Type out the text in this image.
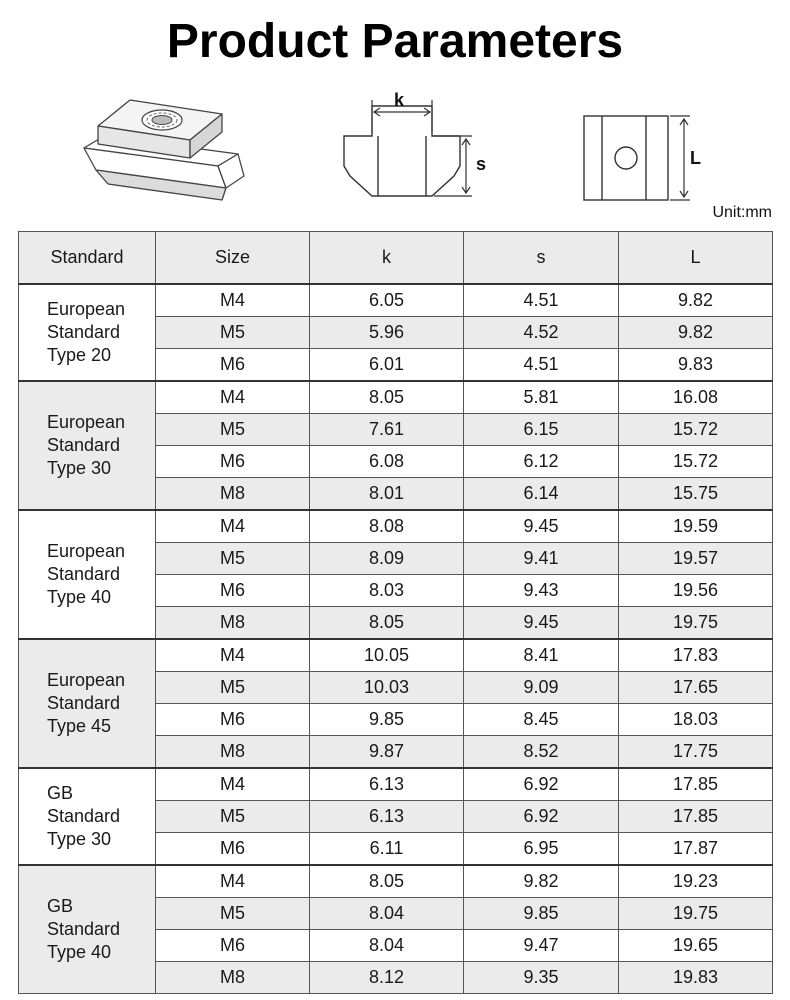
Product Parameters
k
s	L
Unit:mm
Standard	Size	k	s	L

European
Standard
Type 20	M4	6.05	4.51	9.82
	M5	5.96	4.52	9.82
	M6	6.01	4.51	9.83

European
Standard
Type 30	M4	8.05	5.81	16.08
	M5	7.61	6.15	15.72
	M6	6.08	6.12	15.72
	M8	8.01	6.14	15.75

European
Standard
Type 40	M4	8.08	9.45	19.59
	M5	8.09	9.41	19.57
	M6	8.03	9.43	19.56
	M8	8.05	9.45	19.75

European
Standard
Type 45	M4	10.05	8.41	17.83
	M5	10.03	9.09	17.65
	M6	9.85	8.45	18.03
	M8	9.87	8.52	17.75

GB
Standard
Type 30	M4	6.13	6.92	17.85
	M5	6.13	6.92	17.85
	M6	6.11	6.95	17.87

GB
Standard
Type 40	M4	8.05	9.82	19.23
	M5	8.04	9.85	19.75
	M6	8.04	9.47	19.65
	M8	8.12	9.35	19.83
